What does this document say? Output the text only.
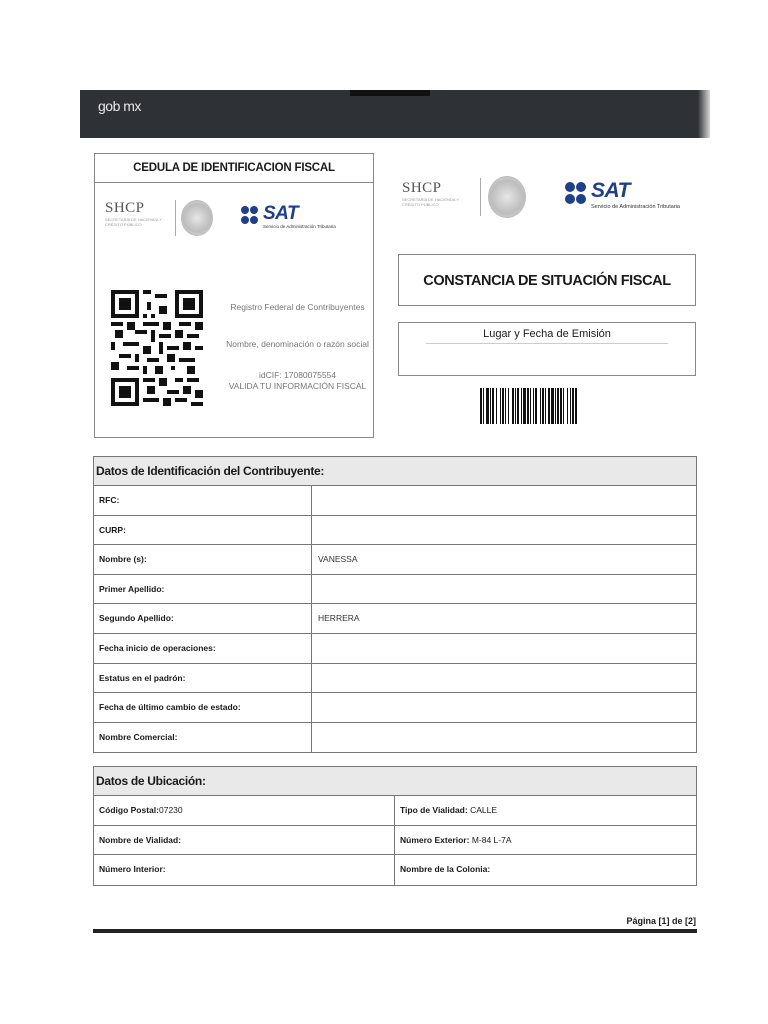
gob mx
CEDULA DE IDENTIFICACION FISCAL
SHCP
SECRETARÍA DE HACIENDA Y CRÉDITO PÚBLICO
SAT
Servicio de Administración Tributaria
Registro Federal de Contribuyentes
Nombre, denominación o razón social
idCIF: 17080075554
VALIDA TU INFORMACIÓN FISCAL
SHCP
SECRETARÍA DE HACIENDA Y CRÉDITO PÚBLICO
SAT
Servicio de Administración Tributaria
CONSTANCIA DE SITUACIÓN FISCAL
Lugar y Fecha de Emisión
Datos de Identificación del Contribuyente:
RFC:
CURP:
Nombre (s):	VANESSA
Primer Apellido:
Segundo Apellido:	HERRERA
Fecha inicio de operaciones:
Estatus en el padrón:
Fecha de último cambio de estado:
Nombre Comercial:
Datos de Ubicación:
Código Postal:07230	Tipo de Vialidad: CALLE
Nombre de Vialidad:	Número Exterior: M-84 L-7A
Número Interior:	Nombre de la Colonia:
Página [1] de [2]
